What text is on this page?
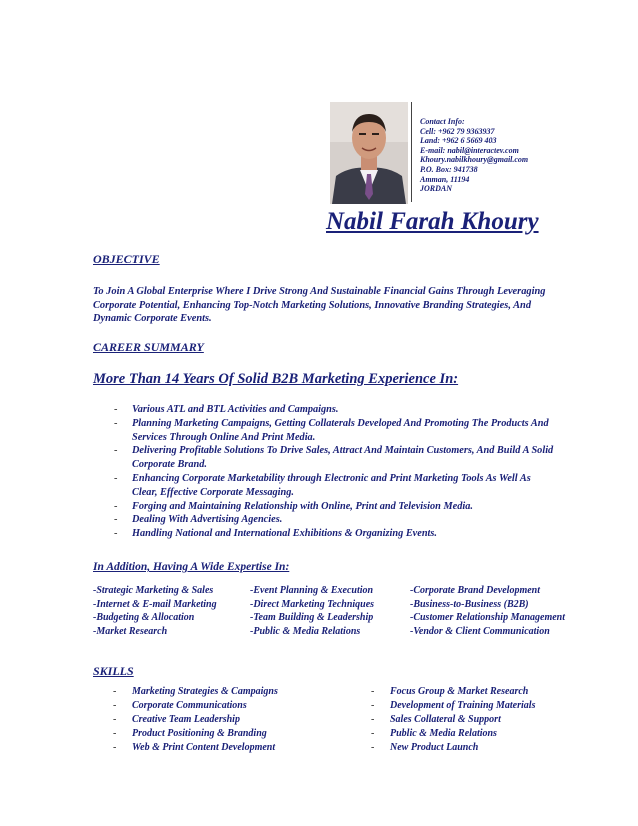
Contact Info:
Cell: +962 79 9363937
Land: +962 6 5669 403
E-mail: nabil@interactev.com
Khoury.nabilkhoury@gmail.com
P.O. Box: 941738
Amman, 11194
JORDAN
Nabil Farah Khoury
OBJECTIVE
To Join A Global Enterprise Where I Drive Strong And Sustainable Financial Gains Through Leveraging Corporate Potential, Enhancing Top-Notch Marketing Solutions, Innovative Branding Strategies, And Dynamic Corporate Events.
CAREER SUMMARY
More Than 14 Years Of Solid B2B Marketing Experience In:
- Various ATL and BTL Activities and Campaigns.
- Planning Marketing Campaigns, Getting Collaterals Developed And Promoting The Products And Services Through Online And Print Media.
- Delivering Profitable Solutions To Drive Sales, Attract And Maintain Customers, And Build A Solid Corporate Brand.
- Enhancing Corporate Marketability through Electronic and Print Marketing Tools As Well As Clear, Effective Corporate Messaging.
- Forging and Maintaining Relationship with Online, Print and Television Media.
- Dealing With Advertising Agencies.
- Handling National and International Exhibitions & Organizing Events.
In Addition, Having A Wide Expertise In:
-Strategic Marketing & Sales
-Internet & E-mail Marketing
-Budgeting & Allocation
-Market Research
-Event Planning & Execution
-Direct Marketing Techniques
-Team Building & Leadership
-Public & Media Relations
-Corporate Brand Development
-Business-to-Business (B2B)
-Customer Relationship Management
-Vendor & Client Communication
SKILLS
- Marketing Strategies & Campaigns
- Corporate Communications
- Creative Team Leadership
- Product Positioning & Branding
- Web & Print Content Development
- Focus Group & Market Research
- Development of Training Materials
- Sales Collateral & Support
- Public & Media Relations
- New Product Launch
